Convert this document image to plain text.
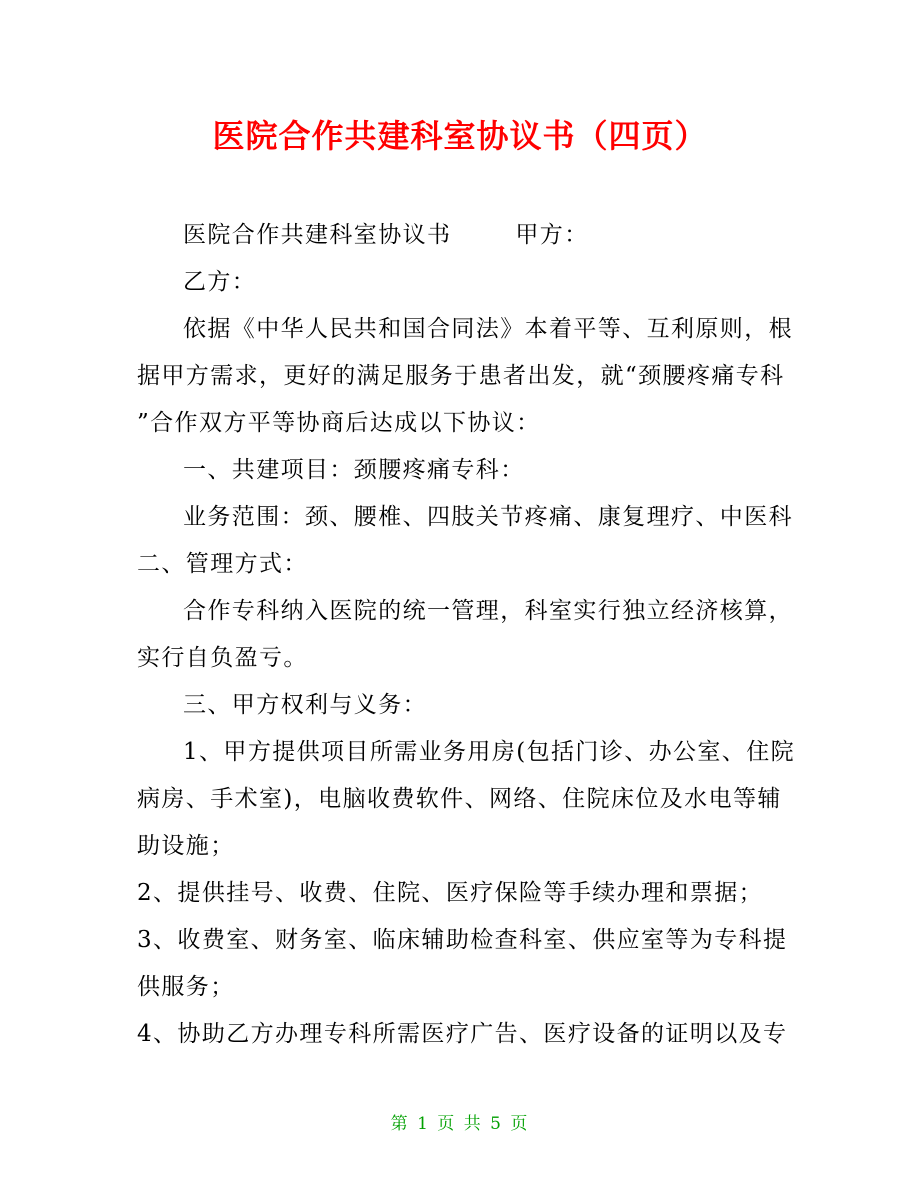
医院合作共建科室协议书（四页）
医院合作共建科室协议书	甲方：
乙方：
依据《中华人民共和国合同法》本着平等、互利原则，根
据甲方需求，更好的满足服务于患者出发，就“颈腰疼痛专科
”合作双方平等协商后达成以下协议：
一、共建项目：颈腰疼痛专科：
业务范围：颈、腰椎、四肢关节疼痛、康复理疗、中医科
二、管理方式：
合作专科纳入医院的统一管理，科室实行独立经济核算，
实行自负盈亏。
三、甲方权利与义务：
1、甲方提供项目所需业务用房(包括门诊、办公室、住院
病房、手术室)，电脑收费软件、网络、住院床位及水电等辅
助设施；
2、提供挂号、收费、住院、医疗保险等手续办理和票据；
3、收费室、财务室、临床辅助检查科室、供应室等为专科提
供服务；
4、协助乙方办理专科所需医疗广告、医疗设备的证明以及专
第 1 页 共 5 页
